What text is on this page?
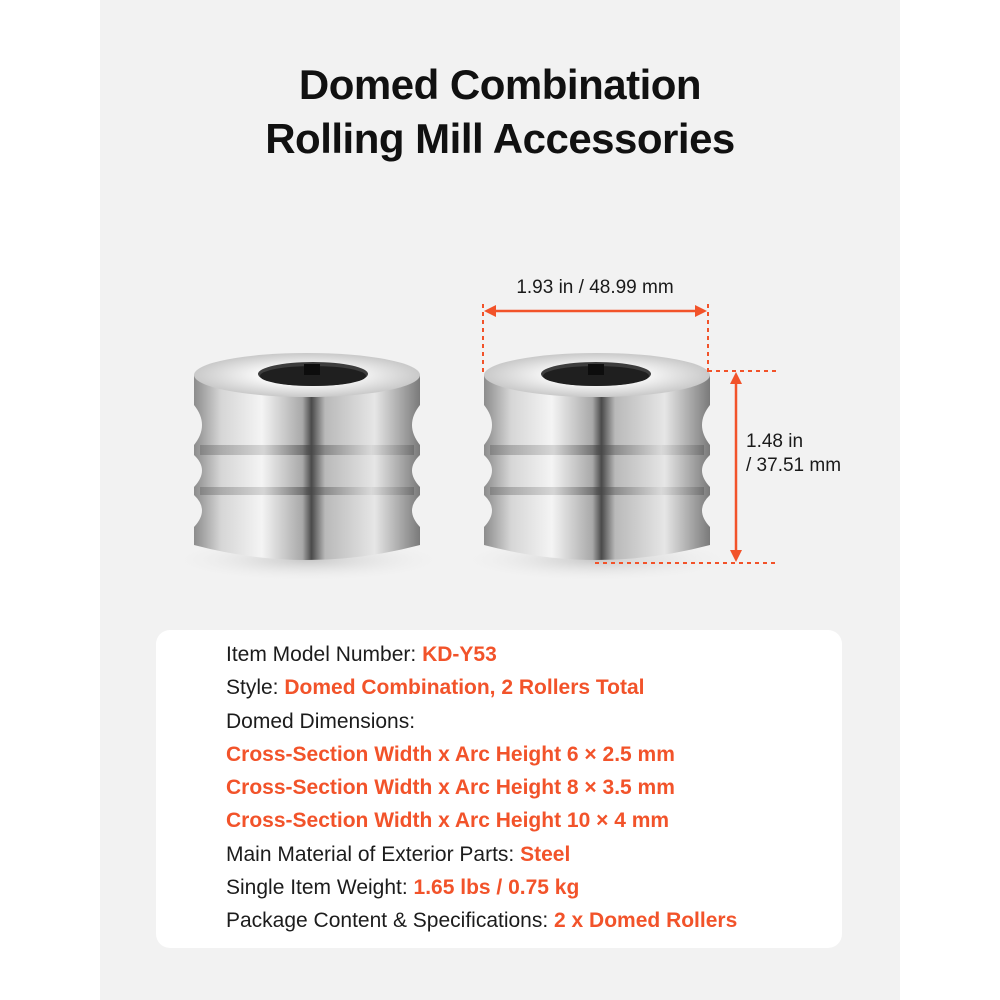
Domed Combination
Rolling Mill Accessories
1.93 in / 48.99 mm
1.48 in
/ 37.51 mm
Item Model Number: KD-Y53
Style: Domed Combination, 2 Rollers Total
Domed Dimensions:
Cross-Section Width x Arc Height 6 × 2.5 mm
Cross-Section Width x Arc Height 8 × 3.5 mm
Cross-Section Width x Arc Height 10 × 4 mm
Main Material of Exterior Parts: Steel
Single Item Weight: 1.65 lbs / 0.75 kg
Package Content & Specifications: 2 x Domed Rollers
